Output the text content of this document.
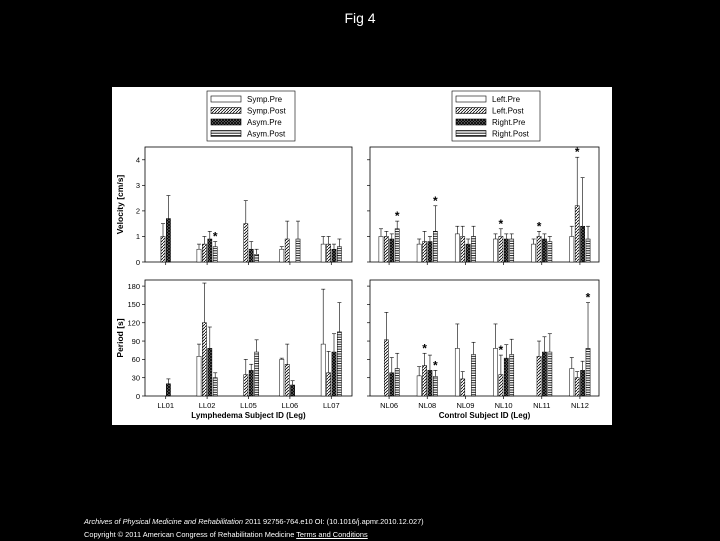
Fig 4
Symp.Pre
Symp.Post
Asym.Pre
Asym.Post
Left.Pre
Left.Post
Right.Pre
Right.Post
Velocity [cm/s]
0
1
2
3
4
*
*
*
*	*
*
Period [s]
0
30
60
90
120
150
180
LL01	LL02	LL05	LL06	LL07
Lymphedema Subject ID (Leg)
NL06	NL08
*
*
NL09	NL10
*
NL11	NL12
*
Control Subject ID (Leg)
Archives of Physical Medicine and Rehabilitation 2011 92756-764.e10 OI: (10.1016/j.apmr.2010.12.027)
Copyright © 2011 American Congress of Rehabilitation Medicine Terms and Conditions
